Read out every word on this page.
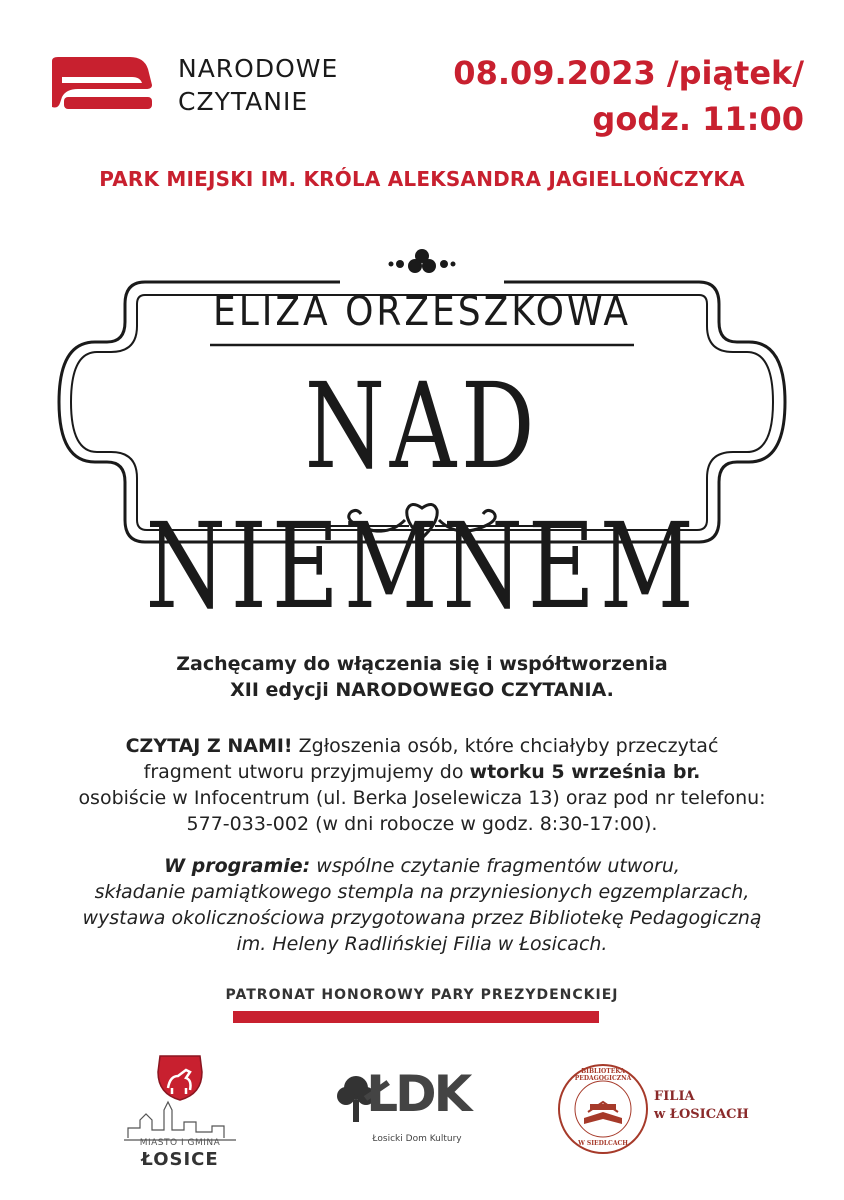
NARODOWE
CZYTANIE
08.09.2023 /piątek/
godz. 11:00
PARK MIEJSKI IM. KRÓLA ALEKSANDRA JAGIELLOŃCZYKA
ELIZA ORZESZKOWA
NAD NIEMNEM
Zachęcamy do włączenia się i współtworzenia
XII edycji NARODOWEGO CZYTANIA.
CZYTAJ Z NAMI! Zgłoszenia osób, które chciałyby przeczytać
fragment utworu przyjmujemy do wtorku 5 września br.
osobiście w Infocentrum (ul. Berka Joselewicza 13) oraz pod nr telefonu:
577-033-002 (w dni robocze w godz. 8:30-17:00).
W programie: wspólne czytanie fragmentów utworu,
składanie pamiątkowego stempla na przyniesionych egzemplarzach,
wystawa okolicznościowa przygotowana przez Bibliotekę Pedagogiczną
im. Heleny Radlińskiej Filia w Łosicach.
PATRONAT HONOROWY PARY PREZYDENCKIEJ
MIASTO I GMINA
ŁOSICE
ŁDK
Łosicki Dom Kultury
BIBLIOTEKA PEDAGOGICZNA
W SIEDLCACH
FILIA
w ŁOSICACH
